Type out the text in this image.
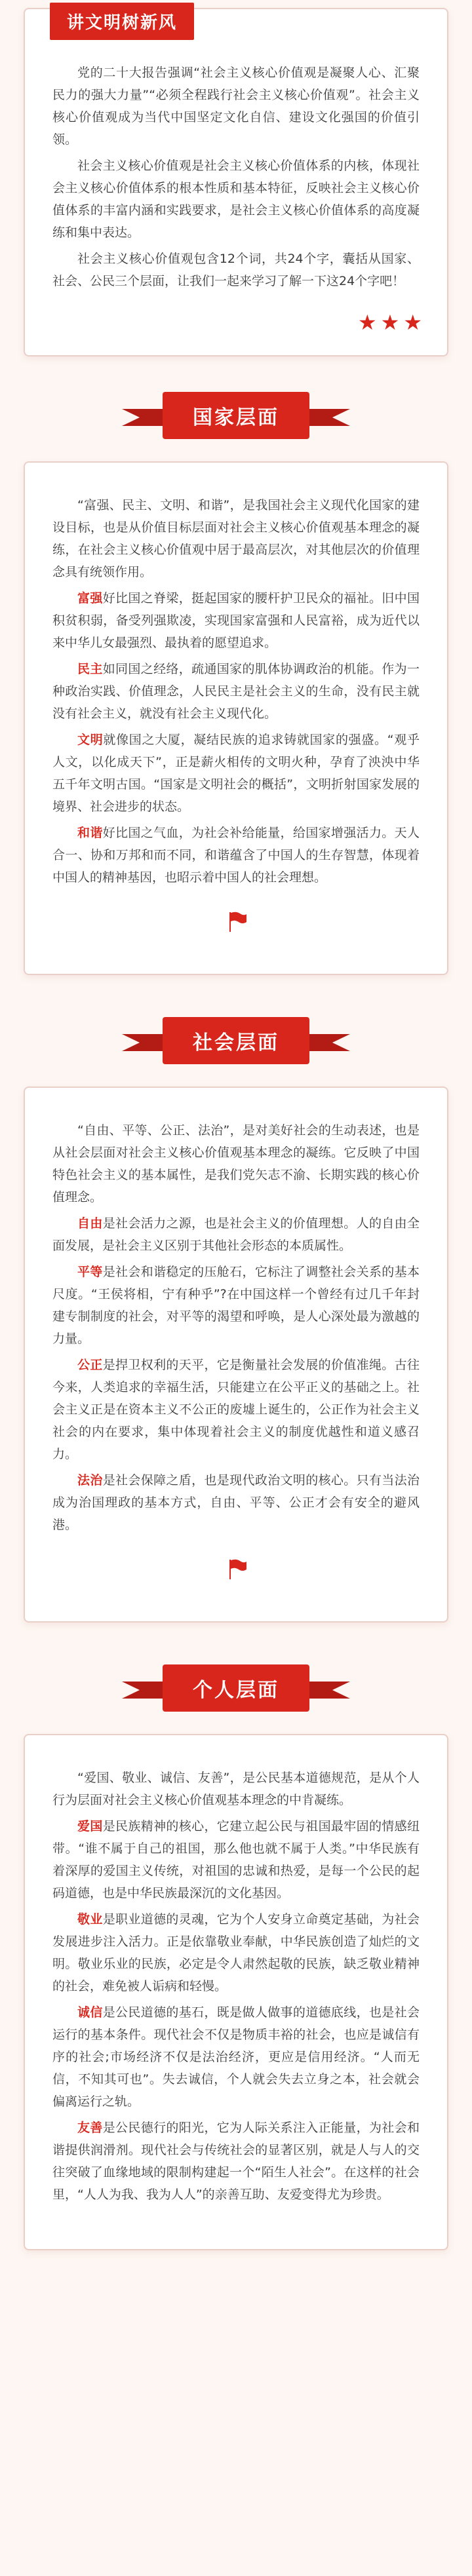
讲文明树新风

党的二十大报告强调“社会主义核心价值观是凝聚人心、汇聚民力的强大力量”“必须全程践行社会主义核心价值观”。社会主义核心价值观成为当代中国坚定文化自信、建设文化强国的价值引领。

社会主义核心价值观是社会主义核心价值体系的内核，体现社会主义核心价值体系的根本性质和基本特征，反映社会主义核心价值体系的丰富内涵和实践要求，是社会主义核心价值体系的高度凝练和集中表达。

社会主义核心价值观包含12个词，共24个字，囊括从国家、社会、公民三个层面，让我们一起来学习了解一下这24个字吧！

★ ★ ★
国家层面

“富强、民主、文明、和谐”，是我国社会主义现代化国家的建设目标，也是从价值目标层面对社会主义核心价值观基本理念的凝练，在社会主义核心价值观中居于最高层次，对其他层次的价值理念具有统领作用。

富强好比国之脊梁，挺起国家的腰杆护卫民众的福祉。旧中国积贫积弱，备受列强欺凌，实现国家富强和人民富裕，成为近代以来中华儿女最强烈、最执着的愿望追求。

民主如同国之经络，疏通国家的肌体协调政治的机能。作为一种政治实践、价值理念，人民民主是社会主义的生命，没有民主就没有社会主义，就没有社会主义现代化。

文明就像国之大厦，凝结民族的追求铸就国家的强盛。“观乎人文，以化成天下”，正是薪火相传的文明火种，孕育了泱泱中华五千年文明古国。“国家是文明社会的概括”，文明折射国家发展的境界、社会进步的状态。

和谐好比国之气血，为社会补给能量，给国家增强活力。天人合一、协和万邦和而不同，和谐蕴含了中国人的生存智慧，体现着中国人的精神基因，也昭示着中国人的社会理想。

社会层面

“自由、平等、公正、法治”，是对美好社会的生动表述，也是从社会层面对社会主义核心价值观基本理念的凝练。它反映了中国特色社会主义的基本属性，是我们党矢志不渝、长期实践的核心价值理念。

自由是社会活力之源，也是社会主义的价值理想。人的自由全面发展，是社会主义区别于其他社会形态的本质属性。

平等是社会和谐稳定的压舱石，它标注了调整社会关系的基本尺度。“王侯将相，宁有种乎”?在中国这样一个曾经有过几千年封建专制制度的社会，对平等的渴望和呼唤，是人心深处最为激越的力量。

公正是捍卫权利的天平，它是衡量社会发展的价值准绳。古往今来，人类追求的幸福生活，只能建立在公平正义的基础之上。社会主义正是在资本主义不公正的废墟上诞生的，公正作为社会主义社会的内在要求，集中体现着社会主义的制度优越性和道义感召力。

法治是社会保障之盾，也是现代政治文明的核心。只有当法治成为治国理政的基本方式，自由、平等、公正才会有安全的避风港。

个人层面

“爱国、敬业、诚信、友善”，是公民基本道德规范，是从个人行为层面对社会主义核心价值观基本理念的中肯凝练。

爱国是民族精神的核心，它建立起公民与祖国最牢固的情感纽带。“谁不属于自己的祖国，那么他也就不属于人类。”中华民族有着深厚的爱国主义传统，对祖国的忠诚和热爱，是每一个公民的起码道德，也是中华民族最深沉的文化基因。

敬业是职业道德的灵魂，它为个人安身立命奠定基础，为社会发展进步注入活力。正是依靠敬业奉献，中华民族创造了灿烂的文明。敬业乐业的民族，必定是令人肃然起敬的民族，缺乏敬业精神的社会，难免被人诟病和轻慢。

诚信是公民道德的基石，既是做人做事的道德底线，也是社会运行的基本条件。现代社会不仅是物质丰裕的社会，也应是诚信有序的社会;市场经济不仅是法治经济，更应是信用经济。“人而无信，不知其可也”。失去诚信，个人就会失去立身之本，社会就会偏离运行之轨。

友善是公民德行的阳光，它为人际关系注入正能量，为社会和谐提供润滑剂。现代社会与传统社会的显著区别，就是人与人的交往突破了血缘地域的限制构建起一个“陌生人社会”。在这样的社会里，“人人为我、我为人人”的亲善互助、友爱变得尤为珍贵。
